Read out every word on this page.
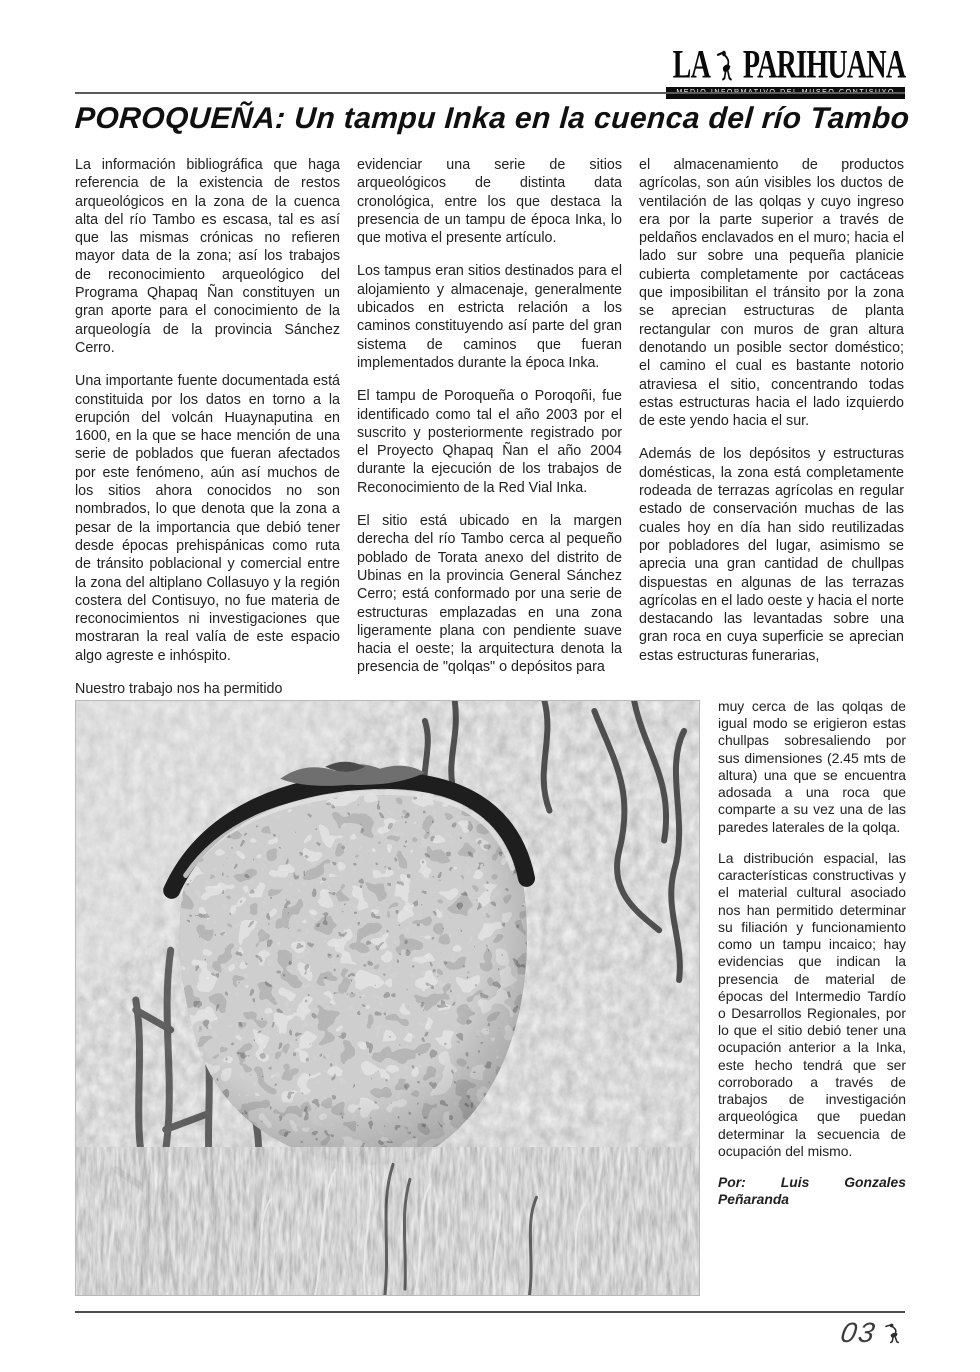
LA PARIHUANA
POROQUEÑA: Un tampu Inka en la cuenca del río Tambo

La información bibliográfica que haga referencia de la existencia de restos arqueológicos en la zona de la cuenca alta del río Tambo es escasa, tal es así que las mismas crónicas no refieren mayor data de la zona; así los trabajos de reconocimiento arqueológico del Programa Qhapaq Ñan constituyen un gran aporte para el conocimiento de la arqueología de la provincia Sánchez Cerro.

Una importante fuente documentada está constituida por los datos en torno a la erupción del volcán Huaynaputina en 1600, en la que se hace mención de una serie de poblados que fueran afectados por este fenómeno, aún así muchos de los sitios ahora conocidos no son nombrados, lo que denota que la zona a pesar de la importancia que debió tener desde épocas prehispánicas como ruta de tránsito poblacional y comercial entre la zona del altiplano Collasuyo y la región costera del Contisuyo, no fue materia de reconocimientos ni investigaciones que mostraran la real valía de este espacio algo agreste e inhóspito.

Nuestro trabajo nos ha permitido

evidenciar una serie de sitios arqueológicos de distinta data cronológica, entre los que destaca la presencia de un tampu de época Inka, lo que motiva el presente artículo.

Los tampus eran sitios destinados para el alojamiento y almacenaje, generalmente ubicados en estricta relación a los caminos constituyendo así parte del gran sistema de caminos que fueran implementados durante la época Inka.

El tampu de Poroqueña o Poroqoñi, fue identificado como tal el año 2003 por el suscrito y posteriormente registrado por el Proyecto Qhapaq Ñan el año 2004 durante la ejecución de los trabajos de Reconocimiento de la Red Vial Inka.

El sitio está ubicado en la margen derecha del río Tambo cerca al pequeño poblado de Torata anexo del distrito de Ubinas en la provincia General Sánchez Cerro; está conformado por una serie de estructuras emplazadas en una zona ligeramente plana con pendiente suave hacia el oeste; la arquitectura denota la presencia de "qolqas" o depósitos para

el almacenamiento de productos agrícolas, son aún visibles los ductos de ventilación de las qolqas y cuyo ingreso era por la parte superior a través de peldaños enclavados en el muro; hacia el lado sur sobre una pequeña planicie cubierta completamente por cactáceas que imposibilitan el tránsito por la zona se aprecian estructuras de planta rectangular con muros de gran altura denotando un posible sector doméstico; el camino el cual es bastante notorio atraviesa el sitio, concentrando todas estas estructuras hacia el lado izquierdo de este yendo hacia el sur.

Además de los depósitos y estructuras domésticas, la zona está completamente rodeada de terrazas agrícolas en regular estado de conservación muchas de las cuales hoy en día han sido reutilizadas por pobladores del lugar, asimismo se aprecia una gran cantidad de chullpas dispuestas en algunas de las terrazas agrícolas en el lado oeste y hacia el norte destacando las levantadas sobre una gran roca en cuya superficie se aprecian estas estructuras funerarias,

muy cerca de las qolqas de igual modo se erigieron estas chullpas sobresaliendo por sus dimensiones (2.45 mts de altura) una que se encuentra adosada a una roca que comparte a su vez una de las paredes laterales de la qolqa.

La distribución espacial, las características constructivas y el material cultural asociado nos han permitido determinar su filiación y funcionamiento como un tampu incaico; hay evidencias que indican la presencia de material de épocas del Intermedio Tardío o Desarrollos Regionales, por lo que el sitio debió tener una ocupación anterior a la Inka, este hecho tendrá que ser corroborado a través de trabajos de investigación arqueológica que puedan determinar la secuencia de ocupación del mismo.

Por: Luis Gonzales Peñaranda

03
